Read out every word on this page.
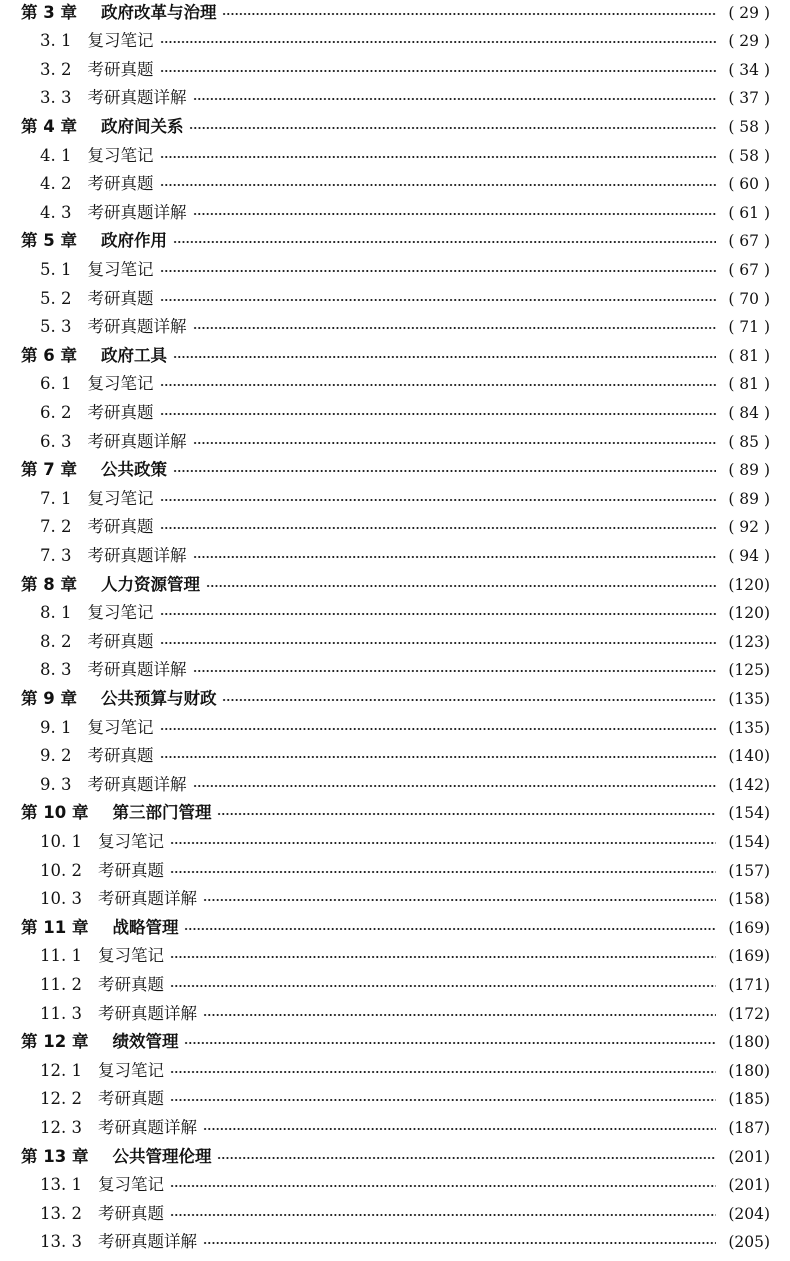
第 3 章 政府改革与治理	( 29 )
3. 1 复习笔记	( 29 )
3. 2 考研真题	( 34 )
3. 3 考研真题详解	( 37 )
第 4 章 政府间关系	( 58 )
4. 1 复习笔记	( 58 )
4. 2 考研真题	( 60 )
4. 3 考研真题详解	( 61 )
第 5 章 政府作用	( 67 )
5. 1 复习笔记	( 67 )
5. 2 考研真题	( 70 )
5. 3 考研真题详解	( 71 )
第 6 章 政府工具	( 81 )
6. 1 复习笔记	( 81 )
6. 2 考研真题	( 84 )
6. 3 考研真题详解	( 85 )
第 7 章 公共政策	( 89 )
7. 1 复习笔记	( 89 )
7. 2 考研真题	( 92 )
7. 3 考研真题详解	( 94 )
第 8 章 人力资源管理	(120)
8. 1 复习笔记	(120)
8. 2 考研真题	(123)
8. 3 考研真题详解	(125)
第 9 章 公共预算与财政	(135)
9. 1 复习笔记	(135)
9. 2 考研真题	(140)
9. 3 考研真题详解	(142)
第 10 章 第三部门管理	(154)
10. 1 复习笔记	(154)
10. 2 考研真题	(157)
10. 3 考研真题详解	(158)
第 11 章 战略管理	(169)
11. 1 复习笔记	(169)
11. 2 考研真题	(171)
11. 3 考研真题详解	(172)
第 12 章 绩效管理	(180)
12. 1 复习笔记	(180)
12. 2 考研真题	(185)
12. 3 考研真题详解	(187)
第 13 章 公共管理伦理	(201)
13. 1 复习笔记	(201)
13. 2 考研真题	(204)
13. 3 考研真题详解	(205)
